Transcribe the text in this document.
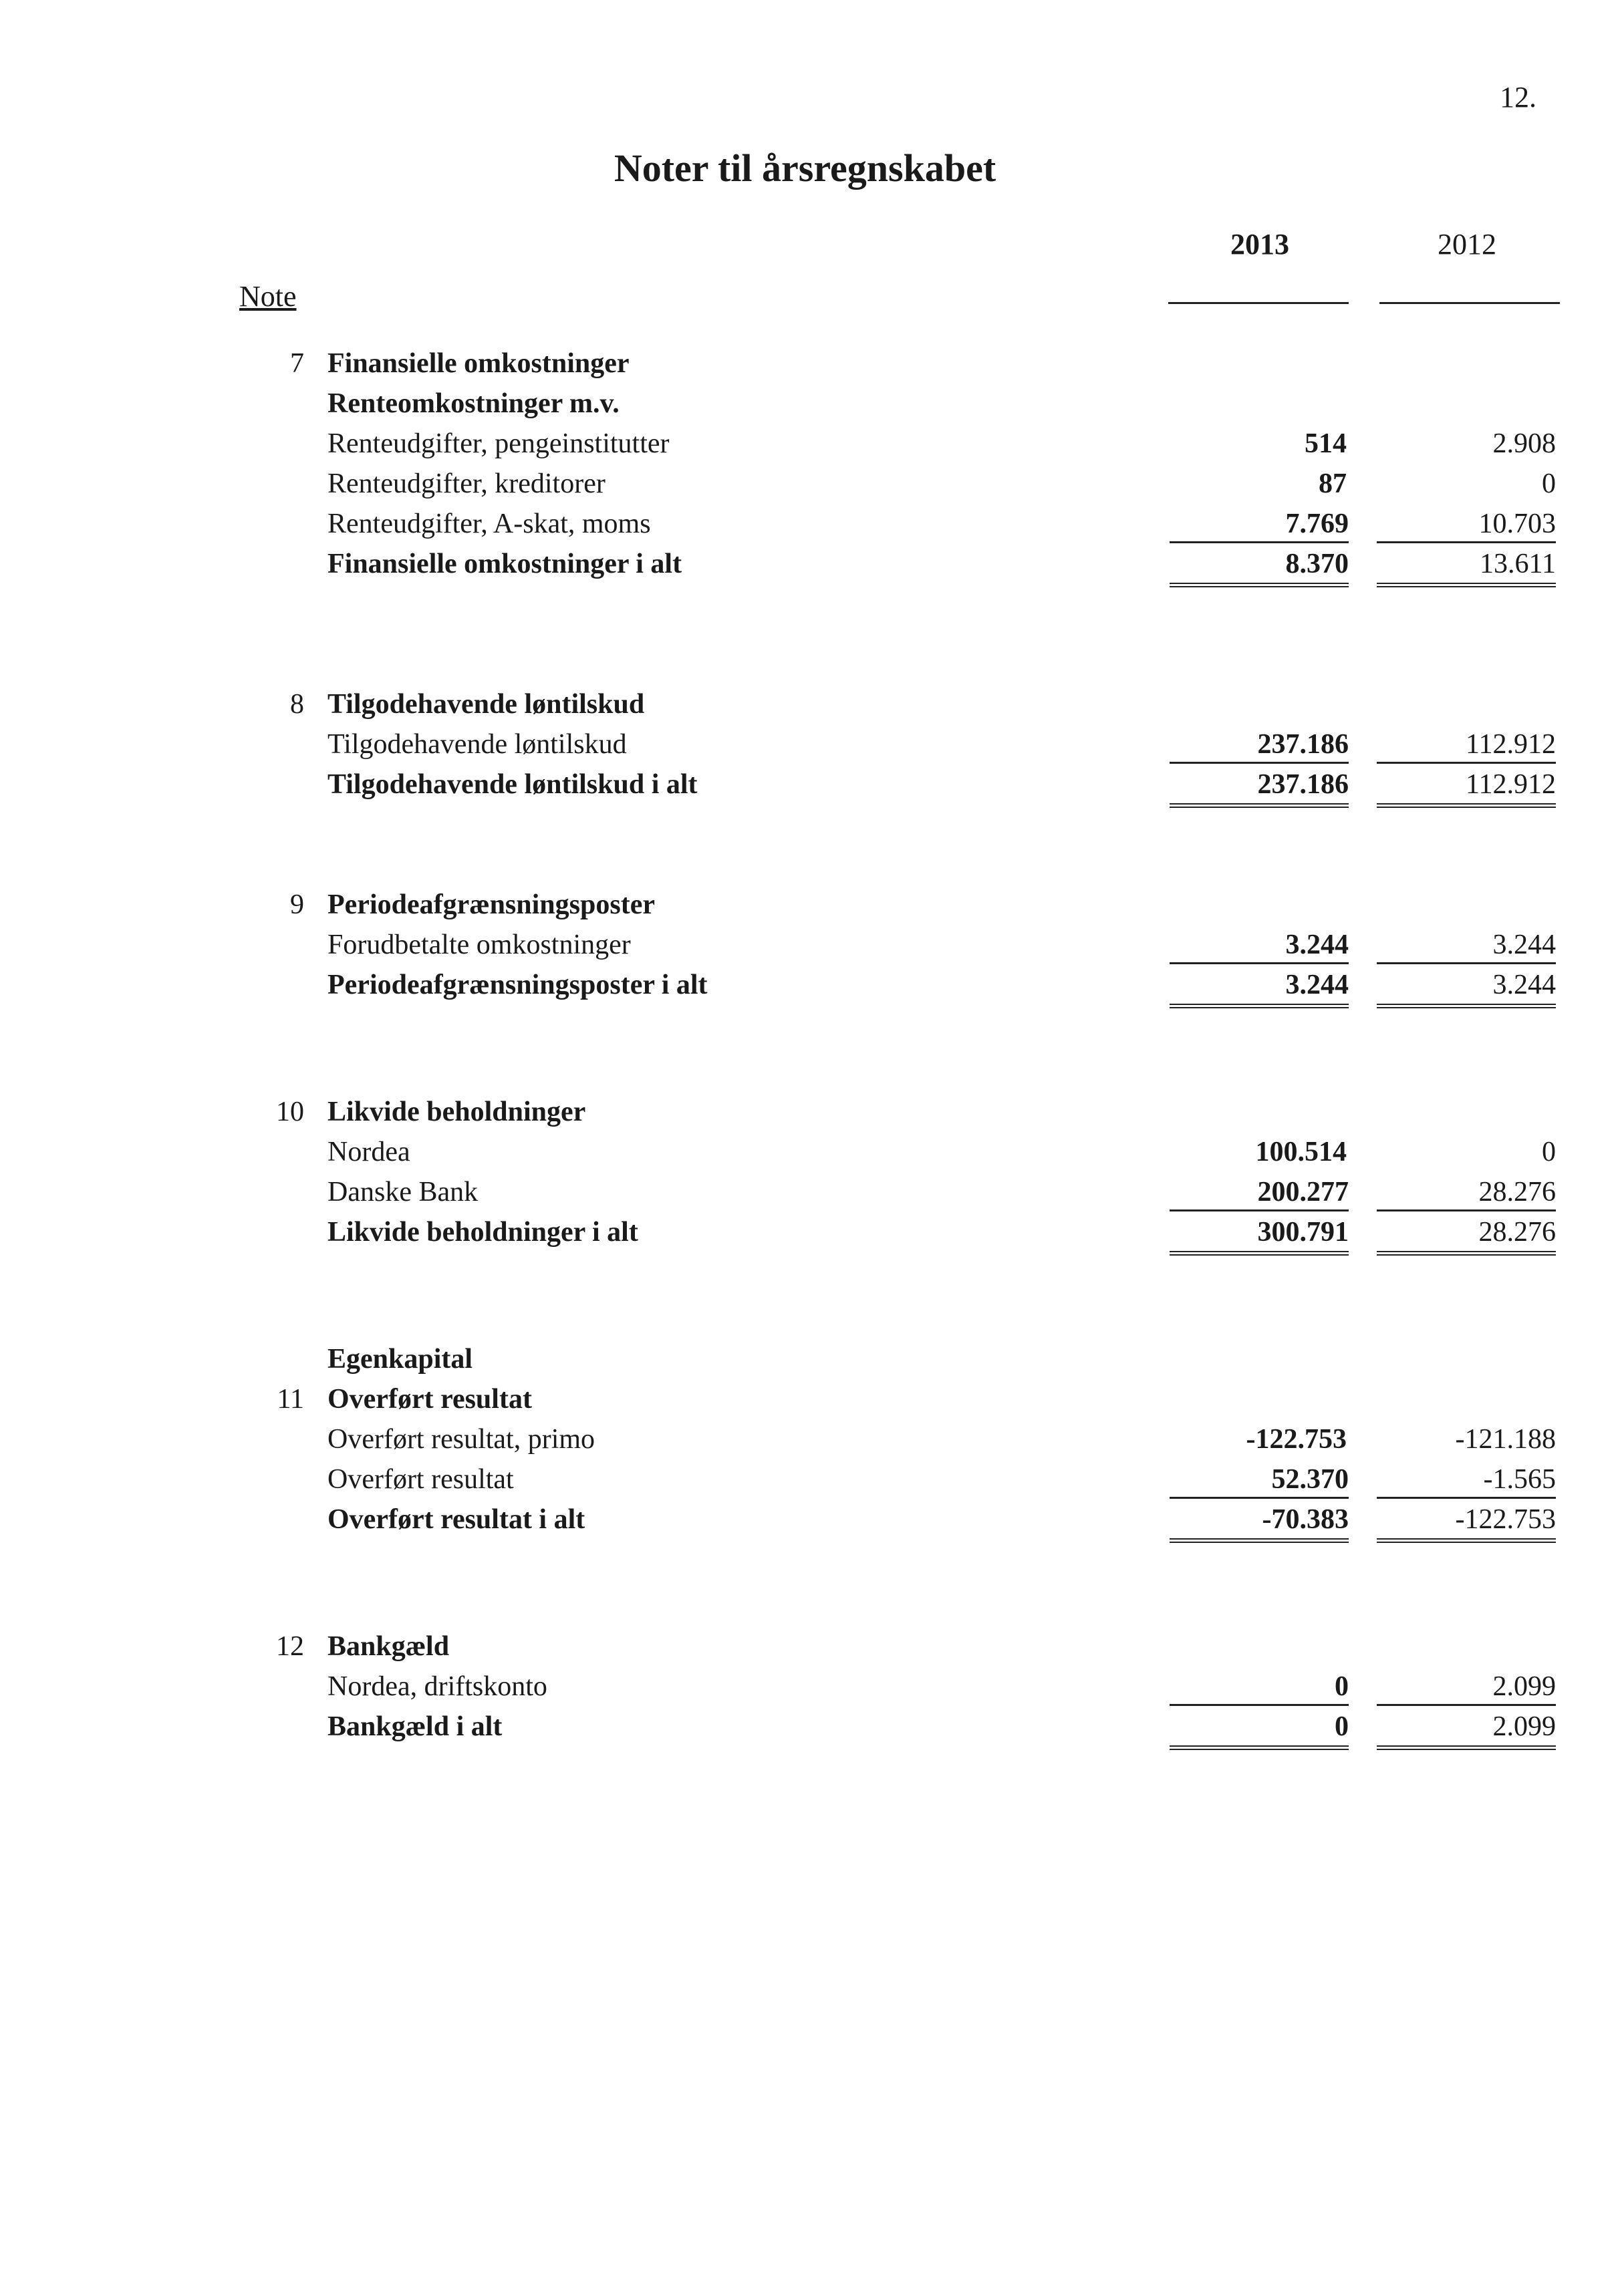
12.
Noter til årsregnskabet
2013	2012
Note
7 Finansielle omkostninger
Renteomkostninger m.v.
Renteudgifter, pengeinstitutter	514	2.908
Renteudgifter, kreditorer	87	0
Renteudgifter, A-skat, moms	7.769	10.703
Finansielle omkostninger i alt	8.370	13.611
8 Tilgodehavende løntilskud
Tilgodehavende løntilskud	237.186	112.912
Tilgodehavende løntilskud i alt	237.186	112.912
9 Periodeafgrænsningsposter
Forudbetalte omkostninger	3.244	3.244
Periodeafgrænsningsposter i alt	3.244	3.244
10 Likvide beholdninger
Nordea	100.514	0
Danske Bank	200.277	28.276
Likvide beholdninger i alt	300.791	28.276
Egenkapital
11 Overført resultat
Overført resultat, primo	-122.753	-121.188
Overført resultat	52.370	-1.565
Overført resultat i alt	-70.383	-122.753
12 Bankgæld
Nordea, driftskonto	0	2.099
Bankgæld i alt	0	2.099
